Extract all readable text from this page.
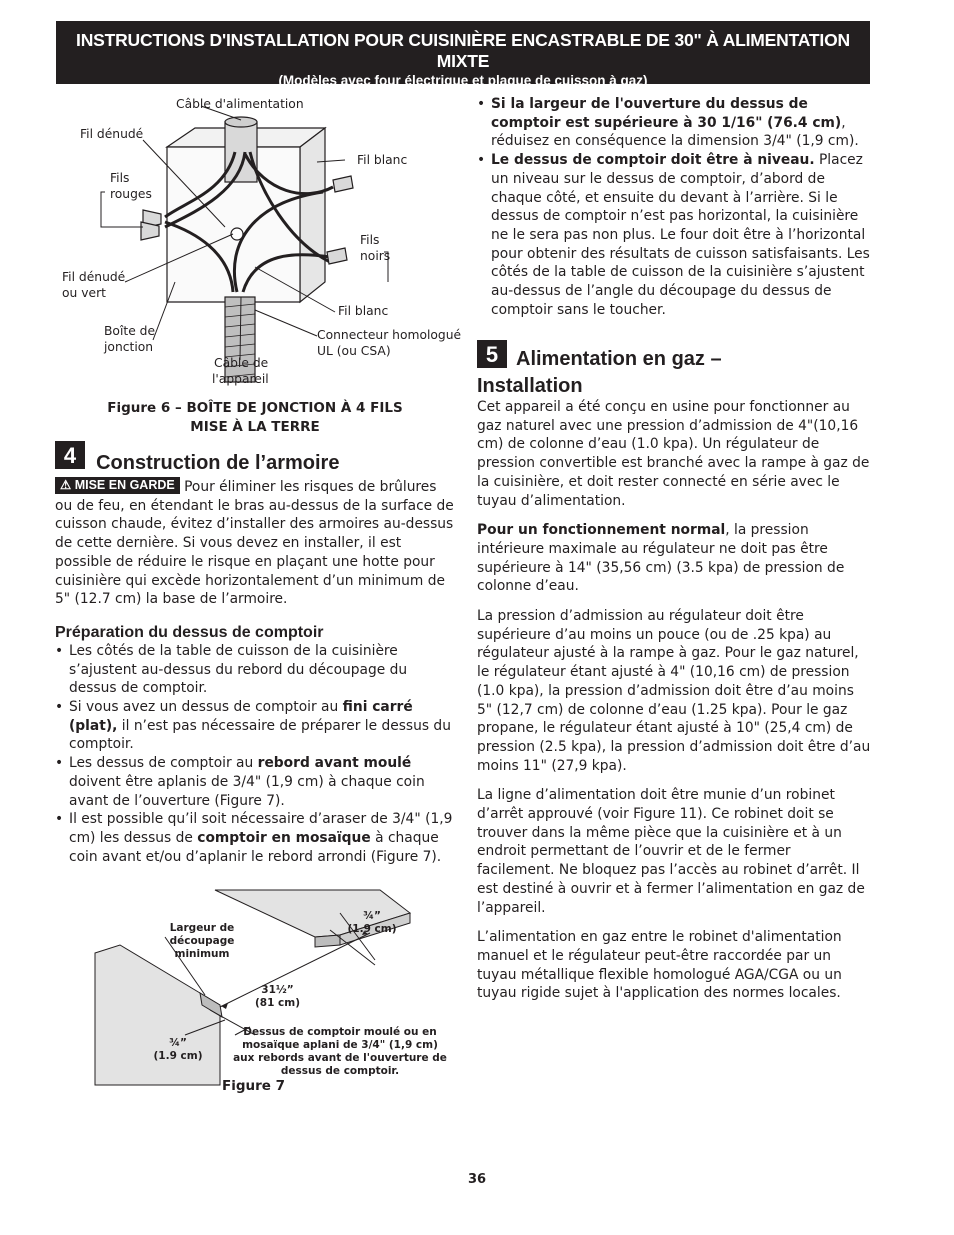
INSTRUCTIONS D'INSTALLATION POUR CUISINIÈRE ENCASTRABLE DE 30" À ALIMENTATION MIXTE
(Modèles avec four électrique et plaque de cuisson à gaz)
Câble d'alimentation
Fil dénudé
Fil blanc
Fils
rouges
Fils
noirs
Fil dénudé
ou vert
Fil blanc
Boîte de
jonction
Connecteur homologué
UL (ou CSA)
Câble de
l'appareil
Figure 6 – BOÎTE DE JONCTION À 4 FILS
MISE À LA TERRE
4 Construction de l’armoire

⚠ MISE EN GARDE Pour éliminer les risques de brûlures ou de feu, en étendant le bras au-dessus de la surface de cuisson chaude, évitez d’installer des armoires au-dessus de cette dernière. Si vous devez en installer, il est possible de réduire le risque en plaçant une hotte pour cuisinière qui excède horizontalement d’un minimum de 5" (12.7 cm) la base de l’armoire.

Préparation du dessus de comptoir
• Les côtés de la table de cuisson de la cuisinière s’ajustent au-dessus du rebord du découpage du dessus de comptoir.
• Si vous avez un dessus de comptoir au fini carré (plat), il n’est pas nécessaire de préparer le dessus du comptoir.
• Les dessus de comptoir au rebord avant moulé doivent être aplanis de 3/4" (1,9 cm) à chaque coin avant de l’ouverture (Figure 7).
• Il est possible qu’il soit nécessaire d’araser de 3/4" (1,9 cm) les dessus de comptoir en mosaïque à chaque coin avant et/ou d’aplanir le rebord arrondi (Figure 7).
Largeur de
découpage
minimum
¾”
(1.9 cm)
31½”
(81 cm)
¾”
(1.9 cm)
Dessus de comptoir moulé ou en
mosaïque aplani de 3/4" (1,9 cm)
aux rebords avant de l'ouverture de
dessus de comptoir.
Figure 7
• Si la largeur de l'ouverture du dessus de comptoir est supérieure à 30 1/16" (76.4 cm), réduisez en conséquence la dimension 3/4" (1,9 cm).
• Le dessus de comptoir doit être à niveau. Placez un niveau sur le dessus de comptoir, d’abord de chaque côté, et ensuite du devant à l’arrière. Si le dessus de comptoir n’est pas horizontal, la cuisinière ne le sera pas non plus. Le four doit être à l’horizontal pour obtenir des résultats de cuisson satisfaisants. Les côtés de la table de cuisson de la cuisinière s’ajustent au-dessus de l’angle du découpage du dessus de comptoir sans le toucher.
5 Alimentation en gaz –
Installation

Cet appareil a été conçu en usine pour fonctionner au gaz naturel avec une pression d’admission de 4"(10,16 cm) de colonne d’eau (1.0 kpa). Un régulateur de pression convertible est branché avec la rampe à gaz de la cuisinière, et doit rester connecté en série avec le tuyau d’alimentation.

Pour un fonctionnement normal, la pression intérieure maximale au régulateur ne doit pas être supérieure à 14" (35,56 cm) (3.5 kpa) de pression de colonne d’eau.

La pression d’admission au régulateur doit être supérieure d’au moins un pouce (ou de .25 kpa) au régulateur ajusté à la rampe à gaz. Pour le gaz naturel, le régulateur étant ajusté à 4" (10,16 cm) de pression (1.0 kpa), la pression d’admission doit être d’au moins 5" (12,7 cm) de colonne d’eau (1.25 kpa). Pour le gaz propane, le régulateur étant ajusté à 10" (25,4 cm) de pression (2.5 kpa), la pression d’admission doit être d’au moins 11" (27,9 kpa).

La ligne d’alimentation doit être munie d’un robinet d’arrêt approuvé (voir Figure 11). Ce robinet doit se trouver dans la même pièce que la cuisinière et à un endroit permettant de l’ouvrir et de le fermer facilement. Ne bloquez pas l’accès au robinet d’arrêt. Il est destiné à ouvrir et à fermer l’alimentation en gaz de l’appareil.

L’alimentation en gaz entre le robinet d'alimentation manuel et le régulateur peut-être raccordée par un tuyau métallique flexible homologué AGA/CGA ou un tuyau rigide sujet à l'application des normes locales.

36
